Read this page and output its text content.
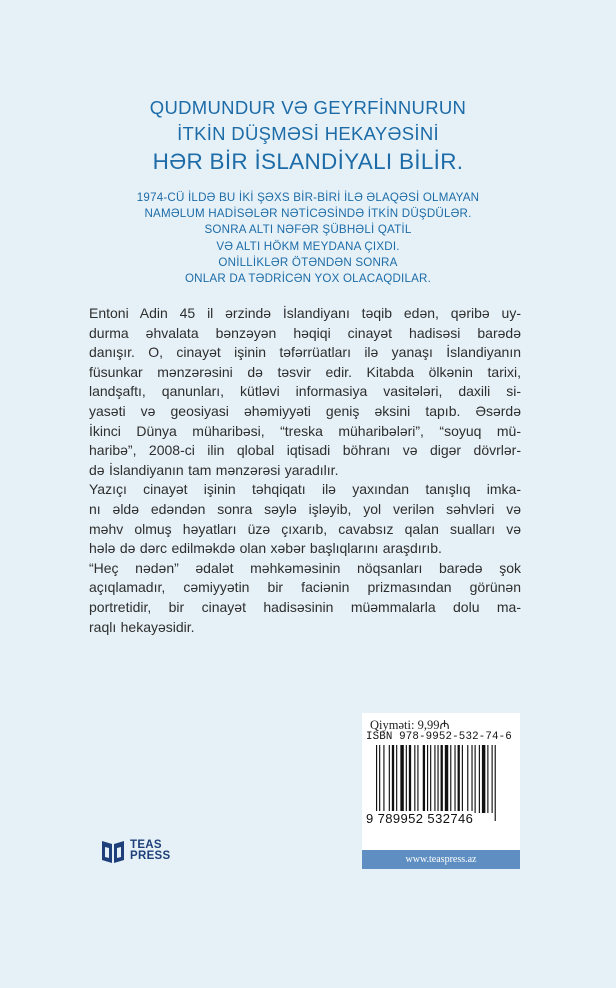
QUDMUNDUR VƏ GEYRFİNNURUN
İTKİN DÜŞMƏSİ HEKAYƏSİNİ
HƏR BİR İSLANDİYALI BİLİR.
1974-CÜ İLDƏ BU İKİ ŞƏXS BİR-BİRİ İLƏ ƏLAQƏSİ OLMAYAN
NAMƏLUM HADİSƏLƏR NƏTİCƏSİNDƏ İTKİN DÜŞDÜLƏR.
SONRA ALTI NƏFƏR ŞÜBHƏLİ QATİL
VƏ ALTI HÖKM MEYDANA ÇIXDI.
ONİLLİKLƏR ÖTƏNDƏN SONRA
ONLAR DA TƏDRİCƏN YOX OLACAQDILAR.
Entoni Adin 45 il ərzində İslandiyanı təqib edən, qəribə uy-
durma əhvalata bənzəyən həqiqi cinayət hadisəsi barədə
danışır. O, cinayət işinin təfərrüatları ilə yanaşı İslandiyanın
füsunkar mənzərəsini də təsvir edir. Kitabda ölkənin tarixi,
landşaftı, qanunları, kütləvi informasiya vasitələri, daxili si-
yasəti və geosiyasi əhəmiyyəti geniş əksini tapıb. Əsərdə
İkinci Dünya müharibəsi, “treska müharibələri”, “soyuq mü-
haribə”, 2008-ci ilin qlobal iqtisadi böhranı və digər dövrlər-
də İslandiyanın tam mənzərəsi yaradılır.
Yazıçı cinayət işinin təhqiqatı ilə yaxından tanışlıq imka-
nı əldə edəndən sonra səylə işləyib, yol verilən səhvləri və
məhv olmuş həyatları üzə çıxarıb, cavabsız qalan sualları və
hələ də dərc edilməkdə olan xəbər başlıqlarını araşdırıb.
“Heç nədən” ədalət məhkəməsinin nöqsanları barədə şok
açıqlamadır, cəmiyyətin bir faciənin prizmasından görünən
portretidir, bir cinayət hadisəsinin müəmmalarla dolu ma-
raqlı hekayəsidir.
TEAS
PRESS
Qiymәti: 9,99₼
ISBN 978-9952-532-74-6
9 789952 532746
www.teaspress.az
